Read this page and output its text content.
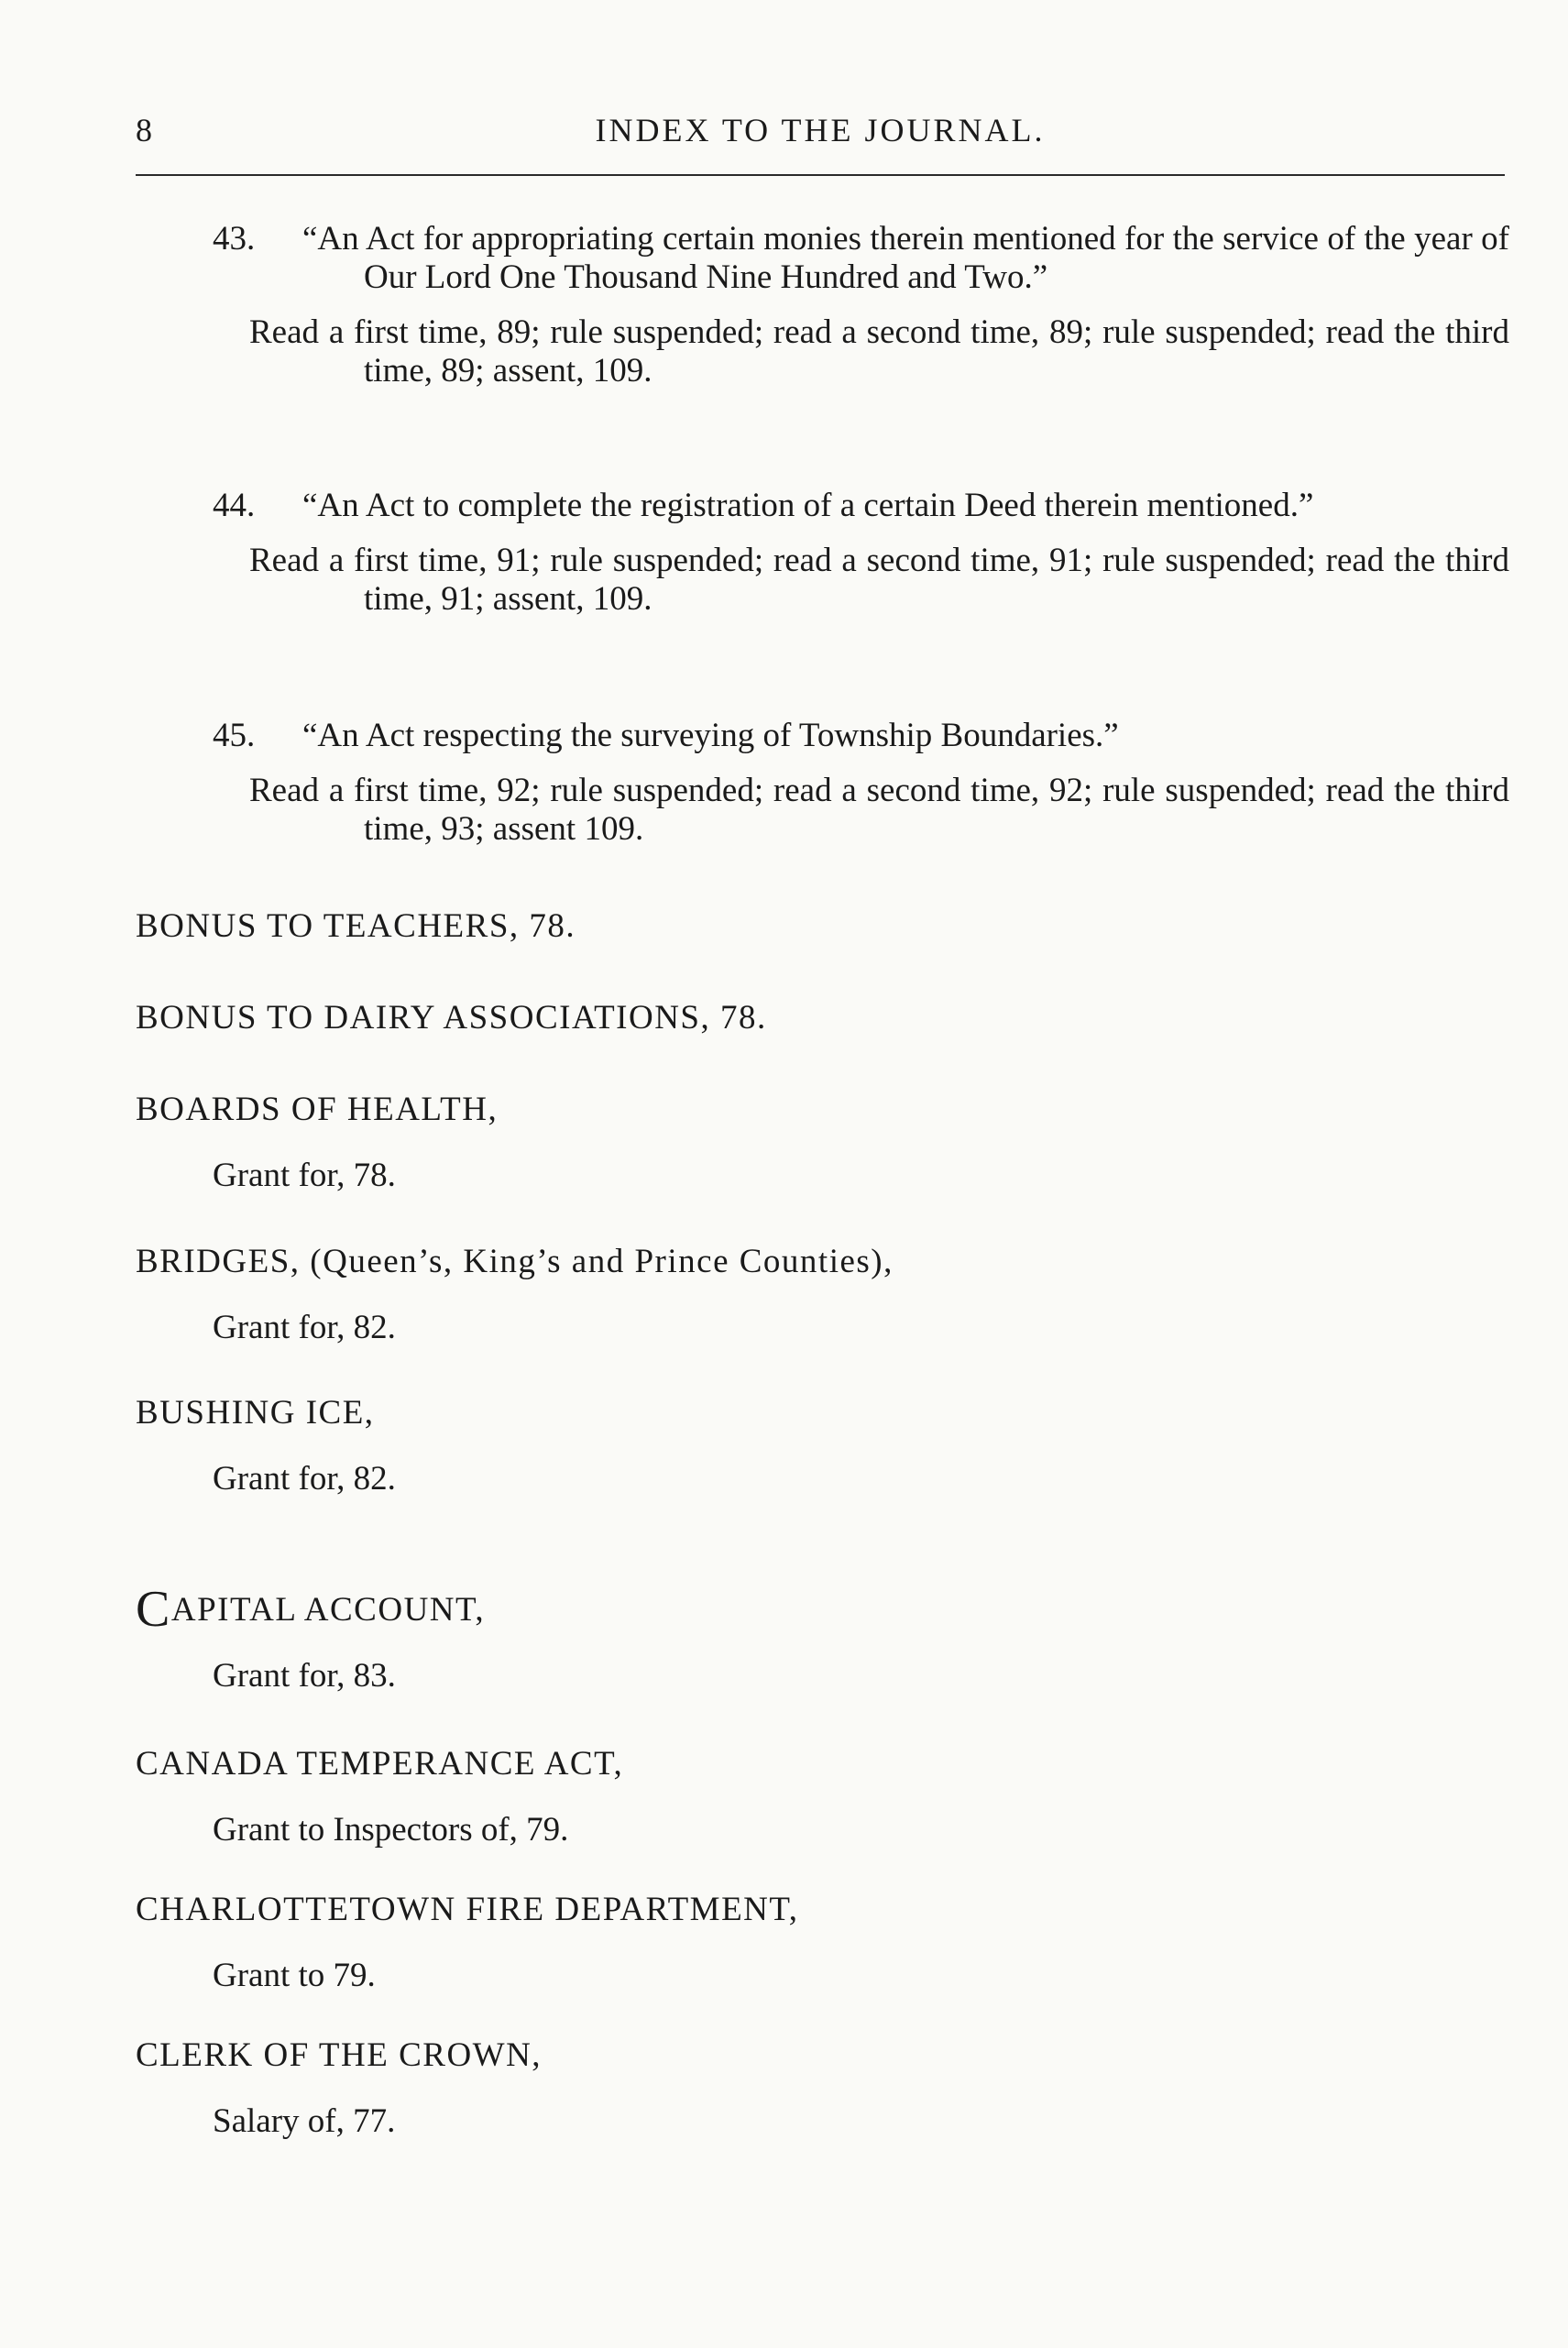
8	INDEX TO THE JOURNAL.
43. “An Act for appropriating certain monies therein mentioned for the service of the year of Our Lord One Thousand Nine Hundred and Two.”
Read a first time, 89; rule suspended; read a second time, 89; rule suspended; read the third time, 89; assent, 109.
44. “An Act to complete the registration of a certain Deed therein mentioned.”
Read a first time, 91; rule suspended; read a second time, 91; rule suspended; read the third time, 91; assent, 109.
45. “An Act respecting the surveying of Township Boundaries.”
Read a first time, 92; rule suspended; read a second time, 92; rule suspended; read the third time, 93; assent 109.
BONUS TO TEACHERS, 78.
BONUS TO DAIRY ASSOCIATIONS, 78.
BOARDS OF HEALTH,
Grant for, 78.
BRIDGES, (Queen’s, King’s and Prince Counties),
Grant for, 82.
BUSHING ICE,
Grant for, 82.
CAPITAL ACCOUNT,
Grant for, 83.
CANADA TEMPERANCE ACT,
Grant to Inspectors of, 79.
CHARLOTTETOWN FIRE DEPARTMENT,
Grant to 79.
CLERK OF THE CROWN,
Salary of, 77.
